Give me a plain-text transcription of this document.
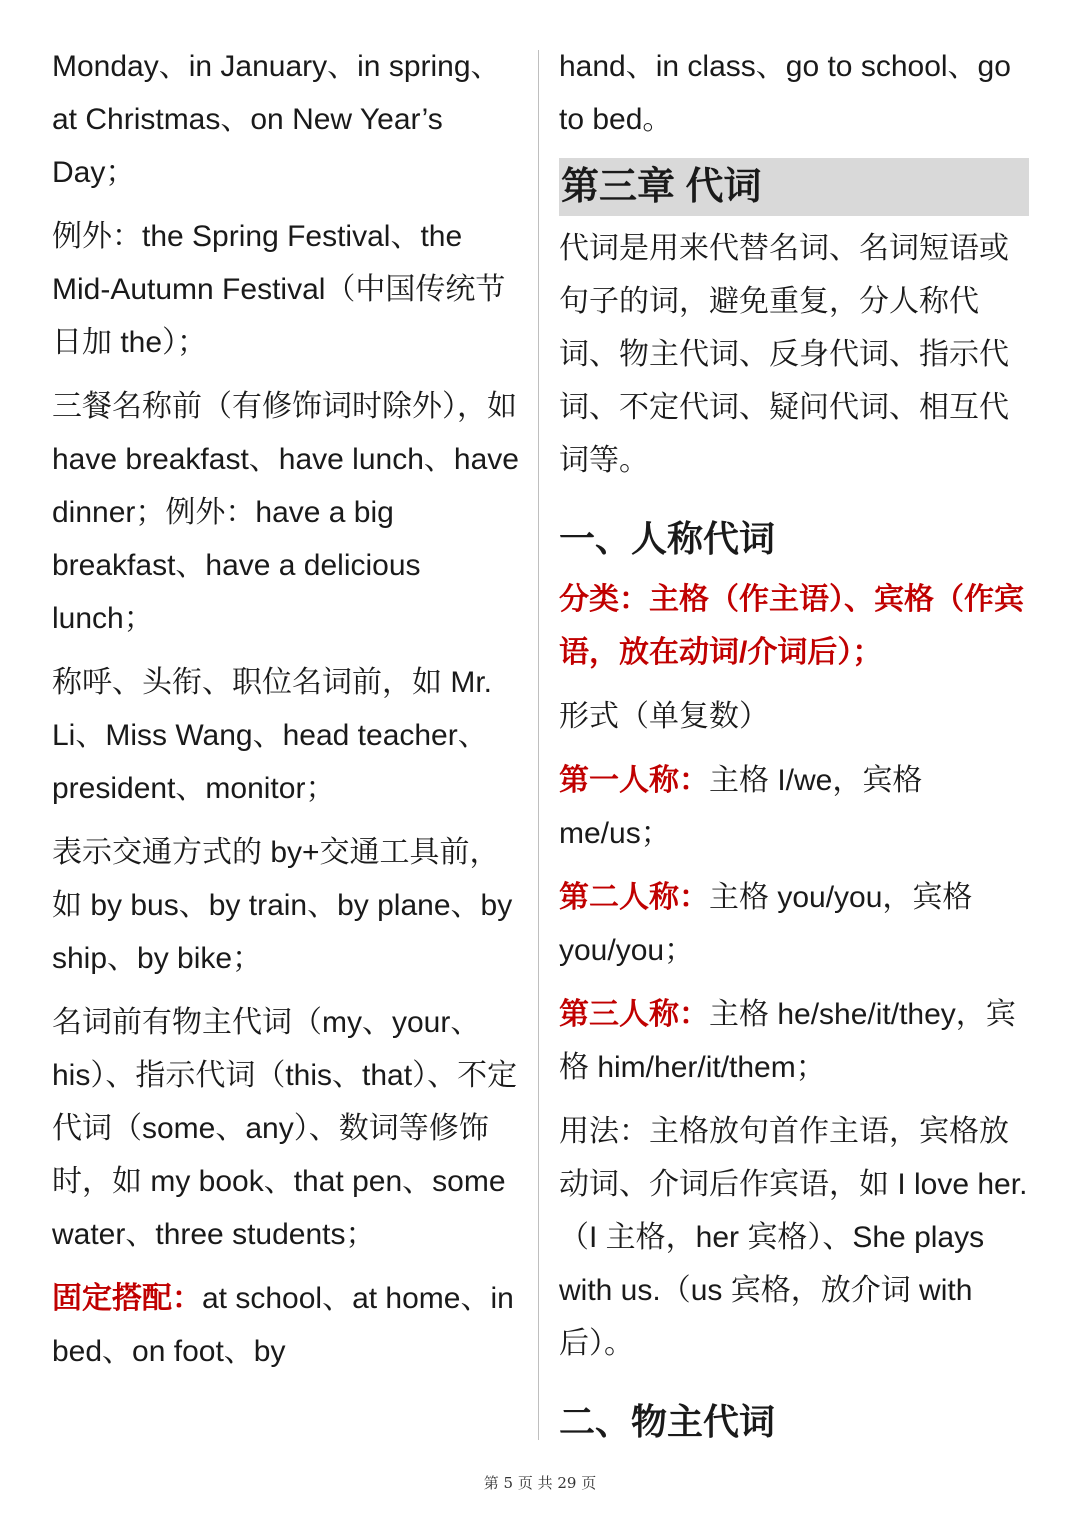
Monday、in January、in spring、at Christmas、on New Year’s Day；

例外：the Spring Festival、the Mid-Autumn Festival（中国传统节日加 the）；

三餐名称前（有修饰词时除外），如 have breakfast、have lunch、have dinner；例外：have a big breakfast、have a delicious lunch；

称呼、头衔、职位名词前，如 Mr. Li、Miss Wang、head teacher、president、monitor；

表示交通方式的 by+交通工具前，如 by bus、by train、by plane、by ship、by bike；

名词前有物主代词（my、your、his）、指示代词（this、that）、不定代词（some、any）、数词等修饰时，如 my book、that pen、some water、three students；

固定搭配：at school、at home、in bed、on foot、by

hand、in class、go to school、go to bed。

第三章 代词

代词是用来代替名词、名词短语或句子的词，避免重复，分人称代词、物主代词、反身代词、指示代词、不定代词、疑问代词、相互代词等。

一、人称代词

分类：主格（作主语）、宾格（作宾语，放在动词/介词后）；

形式（单复数）

第一人称：主格 I/we，宾格 me/us；

第二人称：主格 you/you，宾格 you/you；

第三人称：主格 he/she/it/they，宾格 him/her/it/them；

用法：主格放句首作主语，宾格放动词、介词后作宾语，如 I love her.（I 主格，her 宾格）、She plays with us.（us 宾格，放介词 with 后）。

二、物主代词
第 5 页 共 29 页
